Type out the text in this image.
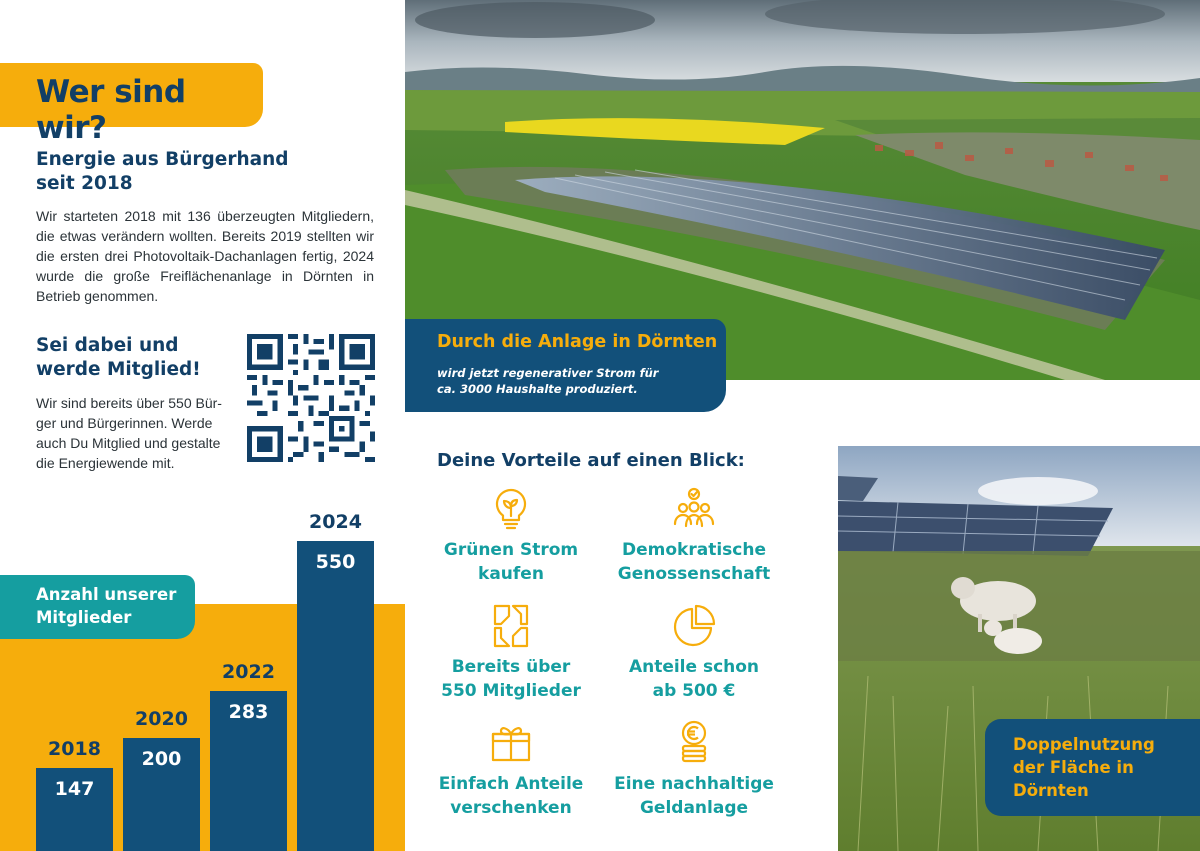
Wer sind wir?
Energie aus Bürgerhand
seit 2018

Wir starteten 2018 mit 136 überzeugten Mitgliedern, die etwas verändern wollten. Bereits 2019 stellten wir die ersten drei Photovoltaik-Dachanlagen fertig, 2024 wurde die große Freiflächenanlage in Dörnten in Betrieb genommen.

Sei dabei und
werde Mitglied!
Wir sind bereits über 550 Bür-
ger und Bürgerinnen. Werde
auch Du Mitglied und gestalte
die Energiewende mit.
Anzahl unserer
Mitglieder
147
2018	200
2020	283
2022
550
2024
Durch die Anlage in Dörnten
wird jetzt regenerativer Strom für
ca. 3000 Haushalte produziert.
Doppelnutzung
der Fläche in
Dörnten
Deine Vorteile auf einen Blick:
Grünen Strom
kaufen
Demokratische
Genossenschaft
Bereits über
550 Mitglieder
Anteile schon
ab 500 €
Einfach Anteile
verschenken
Eine nachhaltige
Geldanlage
